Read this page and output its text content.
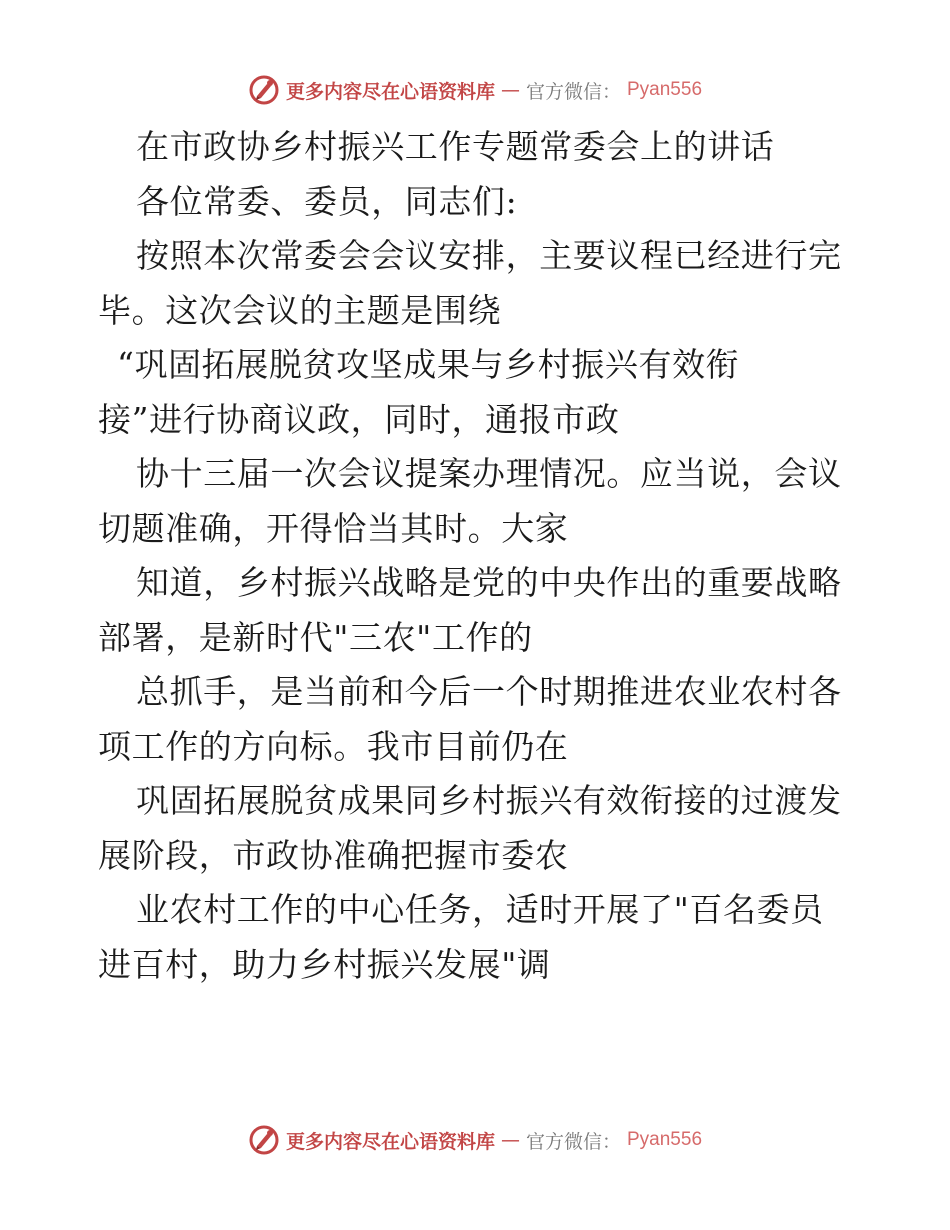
更多内容尽在心语资料库 — 官方微信： Pyan556
在市政协乡村振兴工作专题常委会上的讲话
各位常委、委员，同志们:
按照本次常委会会议安排，主要议程已经进行完
毕。这次会议的主题是围绕
“巩固拓展脱贫攻坚成果与乡村振兴有效衔
接”进行协商议政，同时，通报市政
协十三届一次会议提案办理情况。应当说，会议
切题准确，开得恰当其时。大家
知道，乡村振兴战略是党的中央作出的重要战略
部署，是新时代"三农"工作的
总抓手，是当前和今后一个时期推进农业农村各
项工作的方向标。我市目前仍在
巩固拓展脱贫成果同乡村振兴有效衔接的过渡发
展阶段，市政协准确把握市委农
业农村工作的中心任务，适时开展了"百名委员
进百村，助力乡村振兴发展"调
更多内容尽在心语资料库 — 官方微信： Pyan556
